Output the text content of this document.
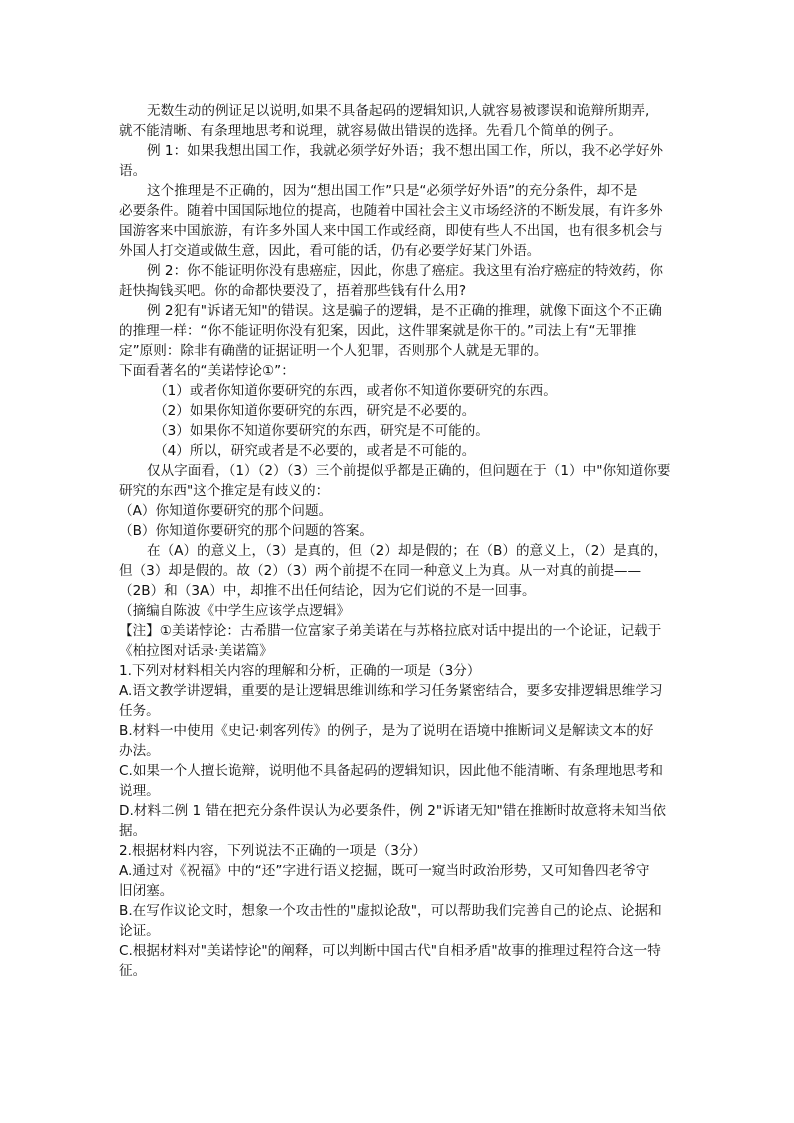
无数生动的例证足以说明,如果不具备起码的逻辑知识,人就容易被谬误和诡辩所期弄,
就不能清晰、有条理地思考和说理，就容易做出错误的选择。先看几个简单的例子。
例 1：如果我想出国工作，我就必须学好外语；我不想出国工作，所以，我不必学好外
语。
这个推理是不正确的，因为“想出国工作”只是“必须学好外语”的充分条件，却不是
必要条件。随着中国国际地位的提高，也随着中国社会主义市场经济的不断发展，有许多外
国游客来中国旅游，有许多外国人来中国工作或经商，即使有些人不出国，也有很多机会与
外国人打交道或做生意，因此，看可能的话，仍有必要学好某门外语。
例 2：你不能证明你没有患癌症，因此，你患了癌症。我这里有治疗癌症的特效药，你
赶快掏钱买吧。你的命都快要没了，捂着那些钱有什么用?
例 2犯有"诉诸无知"的错误。这是骗子的逻辑，是不正确的推理，就像下面这个不正确
的推理一样：“你不能证明你没有犯案，因此，这件罪案就是你干的。”司法上有“无罪推
定”原则：除非有确凿的证据证明一个人犯罪，否则那个人就是无罪的。
下面看著名的“美诺悖论①”：
（1）或者你知道你要研究的东西，或者你不知道你要研究的东西。
（2）如果你知道你要研究的东西，研究是不必要的。
（3）如果你不知道你要研究的东西，研究是不可能的。
（4）所以，研究或者是不必要的，或者是不可能的。
仅从字面看，（1）（2）（3）三个前提似乎都是正确的，但问题在于（1）中"你知道你要
研究的东西"这个推定是有歧义的：
（A）你知道你要研究的那个问题。
（B）你知道你要研究的那个问题的答案。
在（A）的意义上，（3）是真的，但（2）却是假的；在（B）的意义上，（2）是真的，
但（3）却是假的。故（2）（3）两个前提不在同一种意义上为真。从一对真的前提——
（2B）和（3A）中，却推不出任何结论，因为它们说的不是一回事。
（摘编自陈波《中学生应该学点逻辑》
【注】①美诺悖论：古希腊一位富家子弟美诺在与苏格拉底对话中提出的一个论证，记载于
《柏拉图对话录·美诺篇》
1.下列对材料相关内容的理解和分析，正确的一项是（3分）
A.语文教学讲逻辑，重要的是让逻辑思维训练和学习任务紧密结合，要多安排逻辑思维学习
任务。
B.材料一中使用《史记·刺客列传》的例子，是为了说明在语境中推断词义是解读文本的好
办法。
C.如果一个人擅长诡辩，说明他不具备起码的逻辑知识，因此他不能清晰、有条理地思考和
说理。
D.材料二例 1 错在把充分条件误认为必要条件，例 2"诉诸无知"错在推断时故意将未知当依
据。
2.根据材料内容，下列说法不正确的一项是（3分）
A.通过对《祝福》中的“还”字进行语义挖掘，既可一窥当时政治形势，又可知鲁四老爷守
旧闭塞。
B.在写作议论文时，想象一个攻击性的"虚拟论敌"，可以帮助我们完善自己的论点、论据和
论证。
C.根据材料对"美诺悖论"的阐释，可以判断中国古代"自相矛盾"故事的推理过程符合这一特
征。
